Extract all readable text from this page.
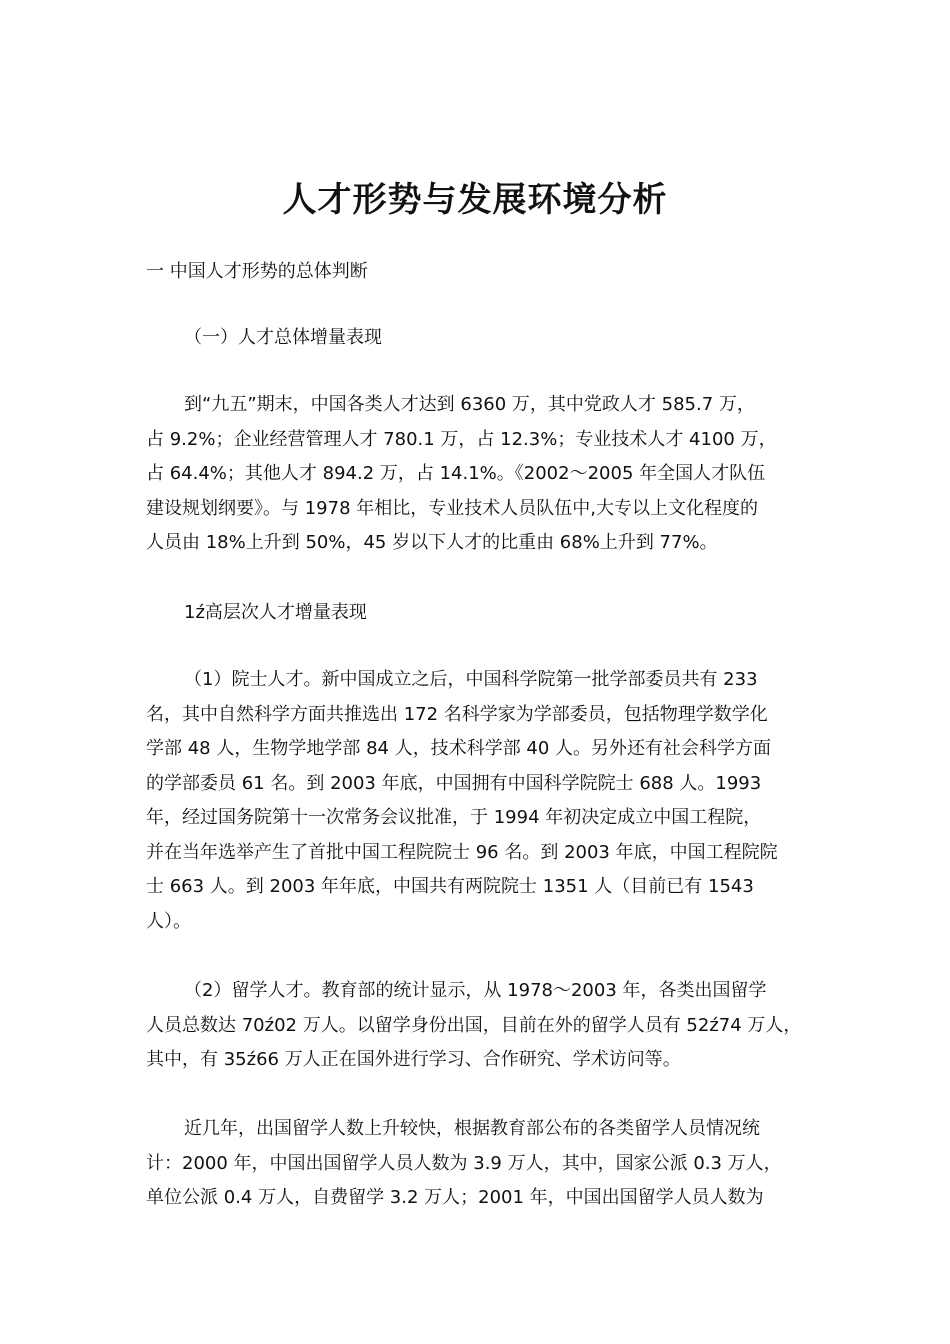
人才形势与发展环境分析
一 中国人才形势的总体判断
（一）人才总体增量表现
到“九五”期末，中国各类人才达到 6360 万，其中党政人才 585.7 万，
占 9.2%；企业经营管理人才 780.1 万，占 12.3%；专业技术人才 4100 万，
占 64.4%；其他人才 894.2 万，占 14.1%。《2002～2005 年全国人才队伍
建设规划纲要》。与 1978 年相比，专业技术人员队伍中,大专以上文化程度的
人员由 18%上升到 50%，45 岁以下人才的比重由 68%上升到 77%。
1ź高层次人才增量表现
（1）院士人才。新中国成立之后，中国科学院第一批学部委员共有 233
名，其中自然科学方面共推选出 172 名科学家为学部委员，包括物理学数学化
学部 48 人，生物学地学部 84 人，技术科学部 40 人。另外还有社会科学方面
的学部委员 61 名。到 2003 年底，中国拥有中国科学院院士 688 人。1993
年，经过国务院第十一次常务会议批准，于 1994 年初决定成立中国工程院，
并在当年选举产生了首批中国工程院院士 96 名。到 2003 年底，中国工程院院
士 663 人。到 2003 年年底，中国共有两院院士 1351 人（目前已有 1543
人）。
（2）留学人才。教育部的统计显示，从 1978～2003 年，各类出国留学
人员总数达 70ź02 万人。以留学身份出国，目前在外的留学人员有 52ź74 万人，
其中，有 35ź66 万人正在国外进行学习、合作研究、学术访问等。
近几年，出国留学人数上升较快，根据教育部公布的各类留学人员情况统
计：2000 年，中国出国留学人员人数为 3.9 万人，其中，国家公派 0.3 万人，
单位公派 0.4 万人，自费留学 3.2 万人；2001 年，中国出国留学人员人数为
